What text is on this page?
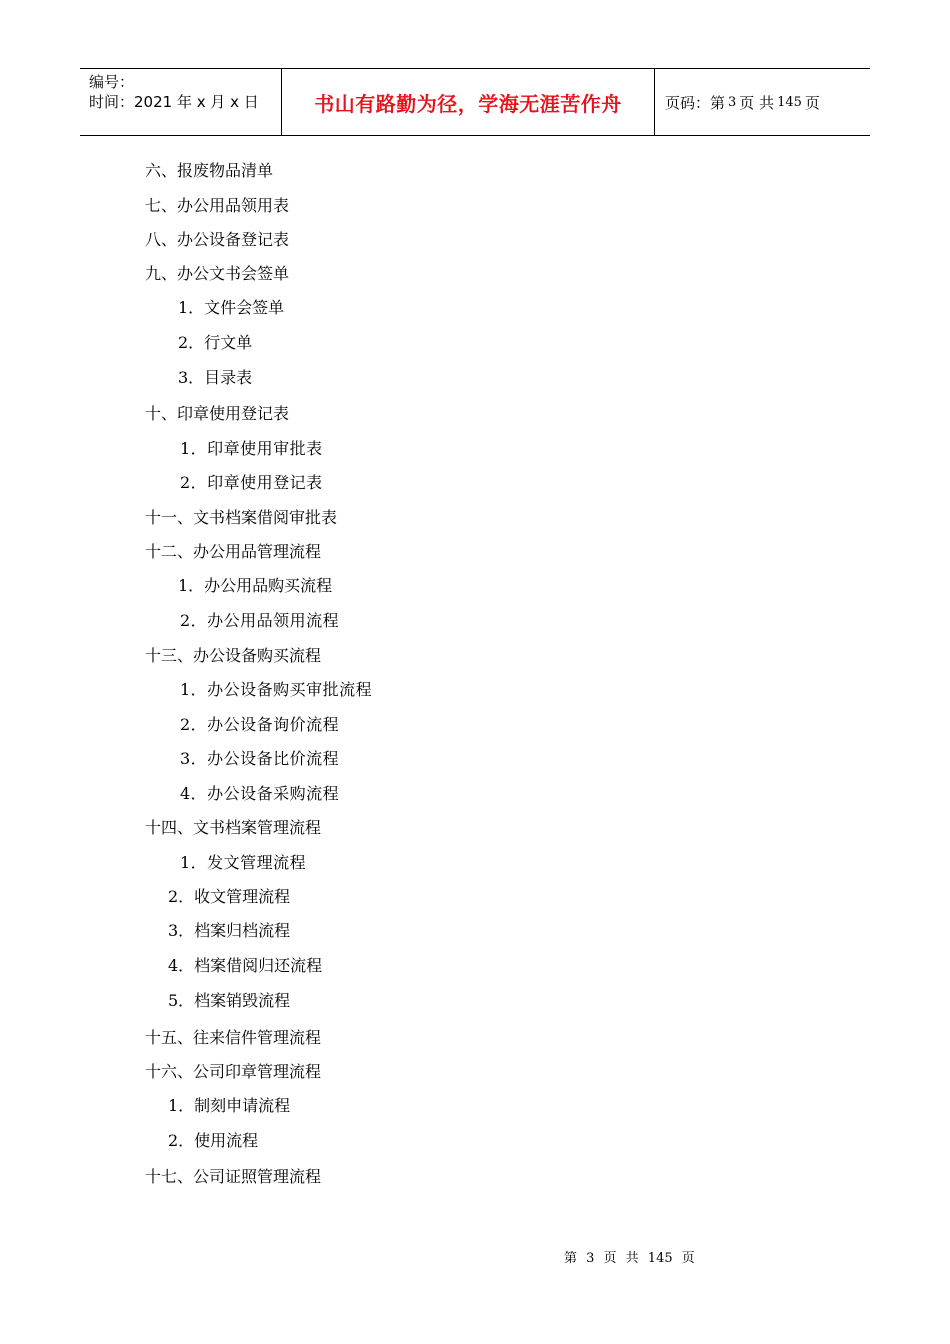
编号：
时间：2021 年 x 月 x 日	书山有路勤为径，学海无涯苦作舟	页码：第 3 页 共 145 页
六、报废物品清单
七、办公用品领用表
八、办公设备登记表
九、办公文书会签单
1．文件会签单
2．行文单
3．目录表
十、印章使用登记表
1．印章使用审批表
2．印章使用登记表
十一、文书档案借阅审批表
十二、办公用品管理流程
1．办公用品购买流程
2．办公用品领用流程
十三、办公设备购买流程
1．办公设备购买审批流程
2．办公设备询价流程
3．办公设备比价流程
4．办公设备采购流程
十四、文书档案管理流程
1．发文管理流程
2．收文管理流程
3．档案归档流程
4．档案借阅归还流程
5．档案销毁流程
十五、往来信件管理流程
十六、公司印章管理流程
1．制刻申请流程
2．使用流程
十七、公司证照管理流程
第 3 页 共 145 页
